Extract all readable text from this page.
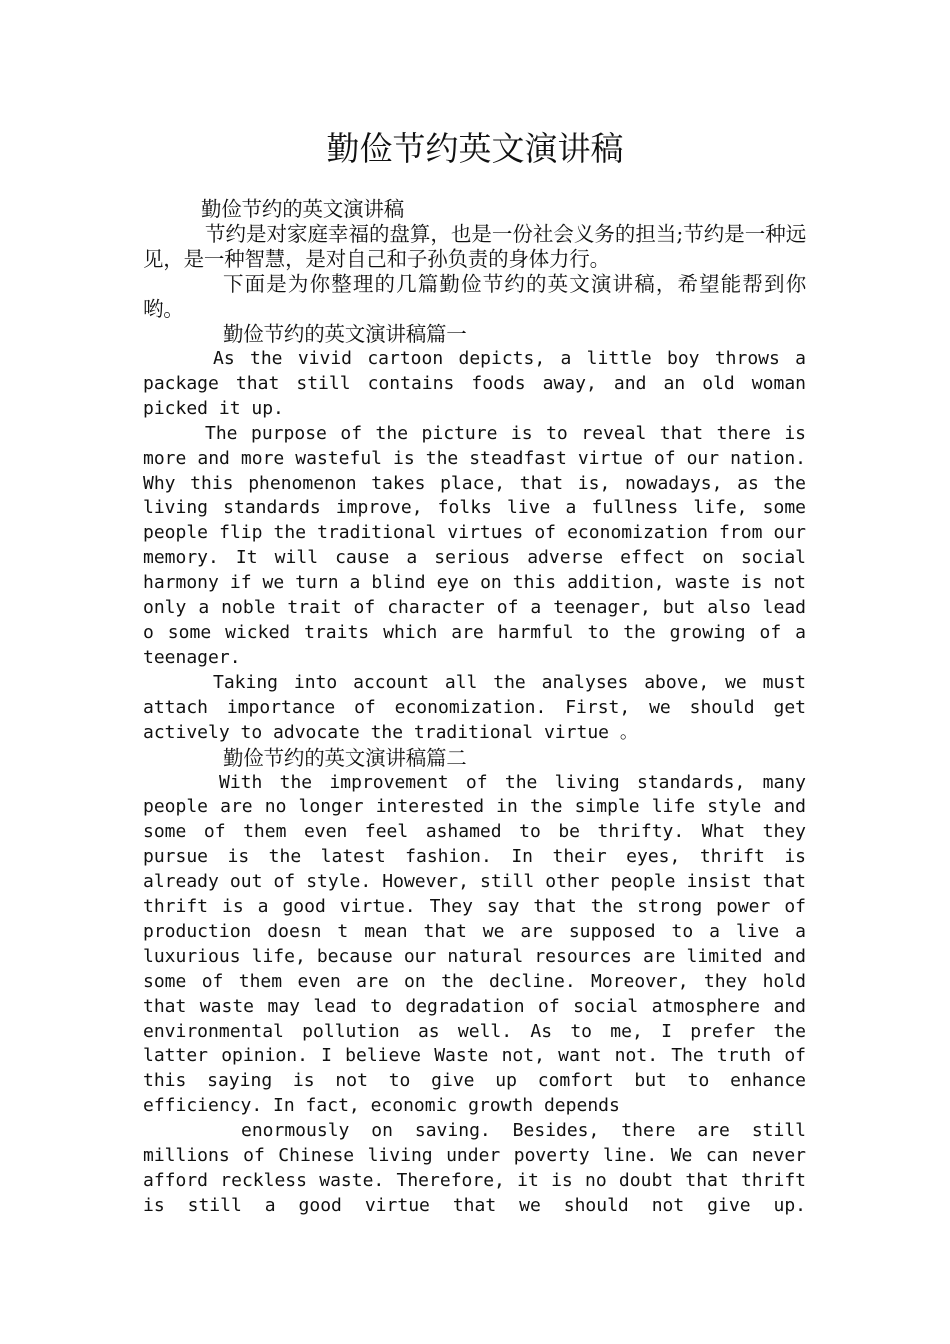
勤俭节约英文演讲稿

勤俭节约的英文演讲稿

节约是对家庭幸福的盘算，也是一份社会义务的担当;节约是一种远见，是一种智慧，是对自己和子孙负责的身体力行。

下面是为你整理的几篇勤俭节约的英文演讲稿，希望能帮到你哟。

勤俭节约的英文演讲稿篇一

As the vivid cartoon depicts, a little boy throws a package that still contains foods away, and an old woman picked it up.

The purpose of the picture is to reveal that there is more and more wasteful is the steadfast virtue of our nation. Why this phenomenon takes place, that is, nowadays, as the living standards improve, folks live a fullness life, some people flip the traditional virtues of economization from our memory. It will cause a serious adverse effect on social harmony if we turn a blind eye on this addition, waste is not only a noble trait of character of a teenager, but also lead o some wicked traits which are harmful to the growing of a teenager.

Taking into account all the analyses above, we must attach importance of economization. First, we should get actively to advocate the traditional virtue 。

勤俭节约的英文演讲稿篇二

With the improvement of the living standards, many people are no longer interested in the simple life style and some of them even feel ashamed to be thrifty. What they pursue is the latest fashion. In their eyes, thrift is already out of style. However, still other people insist that thrift is a good virtue. They say that the strong power of production doesn t mean that we are supposed to a live a luxurious life, because our natural resources are limited and some of them even are on the decline. Moreover, they hold that waste may lead to degradation of social atmosphere and environmental pollution as well. As to me, I prefer the latter opinion. I believe Waste not, want not. The truth of this saying is not to give up comfort but to enhance efficiency. In fact, economic growth depends

enormously on saving. Besides, there are still millions of Chinese living under poverty line. We can never afford reckless waste. Therefore, it is no doubt that thrift is still a good virtue that we should not give up.
